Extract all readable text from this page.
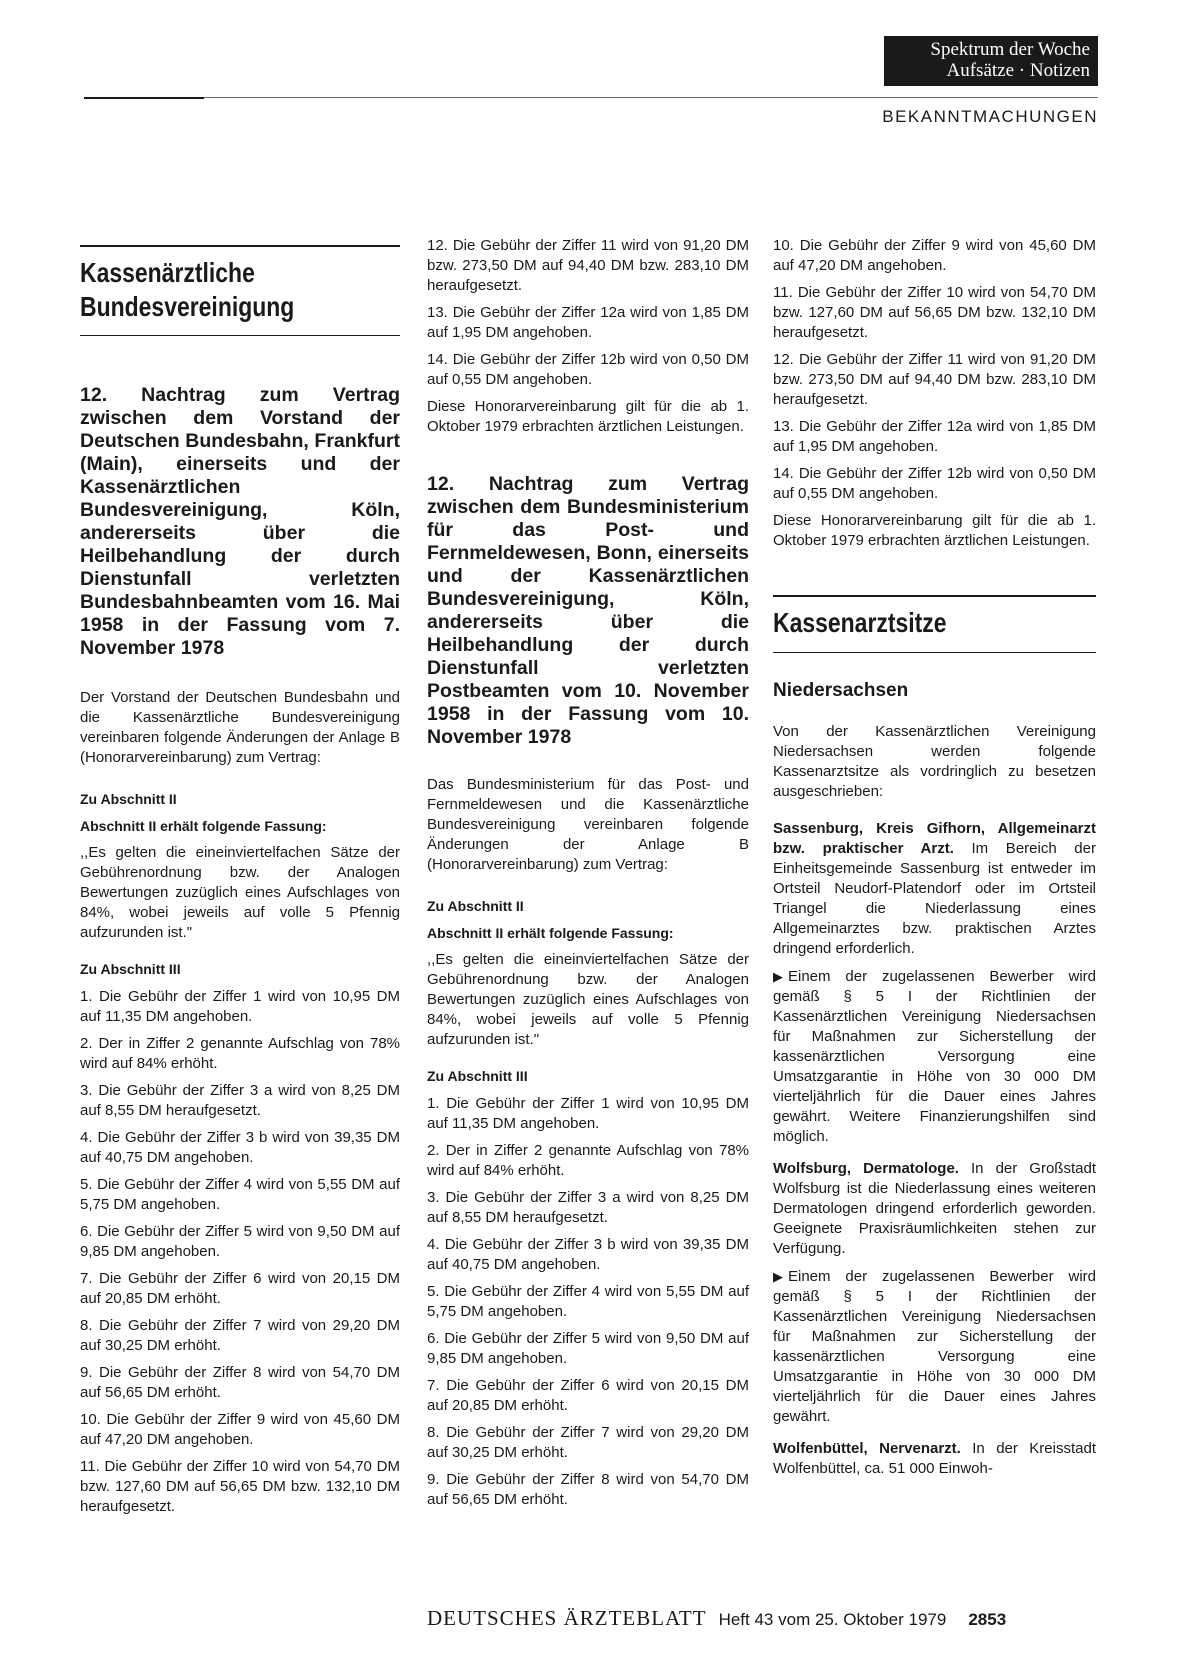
Spektrum der Woche
Aufsätze · Notizen
BEKANNTMACHUNGEN
Kassenärztliche
Bundesvereinigung
12. Nachtrag zum Vertrag zwischen dem Vorstand der Deutschen Bundesbahn, Frankfurt (Main), einerseits und der Kassenärztlichen Bundesvereinigung, Köln, andererseits über die Heilbehandlung der durch Dienstunfall verletzten Bundesbahnbeamten vom 16. Mai 1958 in der Fassung vom 7. November 1978

Der Vorstand der Deutschen Bundesbahn und die Kassenärztliche Bundesvereinigung vereinbaren folgende Änderungen der Anlage B (Honorarvereinbarung) zum Vertrag:

Zu Abschnitt II
Abschnitt II erhält folgende Fassung:

,,Es gelten die eineinviertelfachen Sätze der Gebührenordnung bzw. der Analogen Bewertungen zuzüglich eines Aufschlages von 84%, wobei jeweils auf volle 5 Pfennig aufzurunden ist."

Zu Abschnitt III

1. Die Gebühr der Ziffer 1 wird von 10,95 DM auf 11,35 DM angehoben.

2. Der in Ziffer 2 genannte Aufschlag von 78% wird auf 84% erhöht.

3. Die Gebühr der Ziffer 3 a wird von 8,25 DM auf 8,55 DM heraufgesetzt.

4. Die Gebühr der Ziffer 3 b wird von 39,35 DM auf 40,75 DM angehoben.

5. Die Gebühr der Ziffer 4 wird von 5,55 DM auf 5,75 DM angehoben.

6. Die Gebühr der Ziffer 5 wird von 9,50 DM auf 9,85 DM angehoben.

7. Die Gebühr der Ziffer 6 wird von 20,15 DM auf 20,85 DM erhöht.

8. Die Gebühr der Ziffer 7 wird von 29,20 DM auf 30,25 DM erhöht.

9. Die Gebühr der Ziffer 8 wird von 54,70 DM auf 56,65 DM erhöht.

10. Die Gebühr der Ziffer 9 wird von 45,60 DM auf 47,20 DM angehoben.

11. Die Gebühr der Ziffer 10 wird von 54,70 DM bzw. 127,60 DM auf 56,65 DM bzw. 132,10 DM heraufgesetzt.

12. Die Gebühr der Ziffer 11 wird von 91,20 DM bzw. 273,50 DM auf 94,40 DM bzw. 283,10 DM heraufgesetzt.

13. Die Gebühr der Ziffer 12a wird von 1,85 DM auf 1,95 DM angehoben.

14. Die Gebühr der Ziffer 12b wird von 0,50 DM auf 0,55 DM angehoben.

Diese Honorarvereinbarung gilt für die ab 1. Oktober 1979 erbrachten ärztlichen Leistungen.

12. Nachtrag zum Vertrag zwischen dem Bundesministerium für das Post- und Fernmeldewesen, Bonn, einerseits und der Kassenärztlichen Bundesvereinigung, Köln, andererseits über die Heilbehandlung der durch Dienstunfall verletzten Postbeamten vom 10. November 1958 in der Fassung vom 10. November 1978

Das Bundesministerium für das Post- und Fernmeldewesen und die Kassenärztliche Bundesvereinigung vereinbaren folgende Änderungen der Anlage B (Honorarvereinbarung) zum Vertrag:

Zu Abschnitt II
Abschnitt II erhält folgende Fassung:

,,Es gelten die eineinviertelfachen Sätze der Gebührenordnung bzw. der Analogen Bewertungen zuzüglich eines Aufschlages von 84%, wobei jeweils auf volle 5 Pfennig aufzurunden ist."

Zu Abschnitt III

1. Die Gebühr der Ziffer 1 wird von 10,95 DM auf 11,35 DM angehoben.

2. Der in Ziffer 2 genannte Aufschlag von 78% wird auf 84% erhöht.

3. Die Gebühr der Ziffer 3 a wird von 8,25 DM auf 8,55 DM heraufgesetzt.

4. Die Gebühr der Ziffer 3 b wird von 39,35 DM auf 40,75 DM angehoben.

5. Die Gebühr der Ziffer 4 wird von 5,55 DM auf 5,75 DM angehoben.

6. Die Gebühr der Ziffer 5 wird von 9,50 DM auf 9,85 DM angehoben.

7. Die Gebühr der Ziffer 6 wird von 20,15 DM auf 20,85 DM erhöht.

8. Die Gebühr der Ziffer 7 wird von 29,20 DM auf 30,25 DM erhöht.

9. Die Gebühr der Ziffer 8 wird von 54,70 DM auf 56,65 DM erhöht.

10. Die Gebühr der Ziffer 9 wird von 45,60 DM auf 47,20 DM angehoben.

11. Die Gebühr der Ziffer 10 wird von 54,70 DM bzw. 127,60 DM auf 56,65 DM bzw. 132,10 DM heraufgesetzt.

12. Die Gebühr der Ziffer 11 wird von 91,20 DM bzw. 273,50 DM auf 94,40 DM bzw. 283,10 DM heraufgesetzt.

13. Die Gebühr der Ziffer 12a wird von 1,85 DM auf 1,95 DM angehoben.

14. Die Gebühr der Ziffer 12b wird von 0,50 DM auf 0,55 DM angehoben.

Diese Honorarvereinbarung gilt für die ab 1. Oktober 1979 erbrachten ärztlichen Leistungen.

Kassenarztsitze
Niedersachsen

Von der Kassenärztlichen Vereinigung Niedersachsen werden folgende Kassenarztsitze als vordringlich zu besetzen ausgeschrieben:

Sassenburg, Kreis Gifhorn, Allgemeinarzt bzw. praktischer Arzt. Im Bereich der Einheitsgemeinde Sassenburg ist entweder im Ortsteil Neudorf-Platendorf oder im Ortsteil Triangel die Niederlassung eines Allgemeinarztes bzw. praktischen Arztes dringend erforderlich.

▶ Einem der zugelassenen Bewerber wird gemäß § 5 I der Richtlinien der Kassenärztlichen Vereinigung Niedersachsen für Maßnahmen zur Sicherstellung der kassenärztlichen Versorgung eine Umsatzgarantie in Höhe von 30 000 DM vierteljährlich für die Dauer eines Jahres gewährt. Weitere Finanzierungshilfen sind möglich.

Wolfsburg, Dermatologe. In der Großstadt Wolfsburg ist die Niederlassung eines weiteren Dermatologen dringend erforderlich geworden. Geeignete Praxisräumlichkeiten stehen zur Verfügung.

▶ Einem der zugelassenen Bewerber wird gemäß § 5 I der Richtlinien der Kassenärztlichen Vereinigung Niedersachsen für Maßnahmen zur Sicherstellung der kassenärztlichen Versorgung eine Umsatzgarantie in Höhe von 30 000 DM vierteljährlich für die Dauer eines Jahres gewährt.

Wolfenbüttel, Nervenarzt. In der Kreisstadt Wolfenbüttel, ca. 51 000 Einwoh-

DEUTSCHES ÄRZTEBLATT Heft 43 vom 25. Oktober 1979 2853
